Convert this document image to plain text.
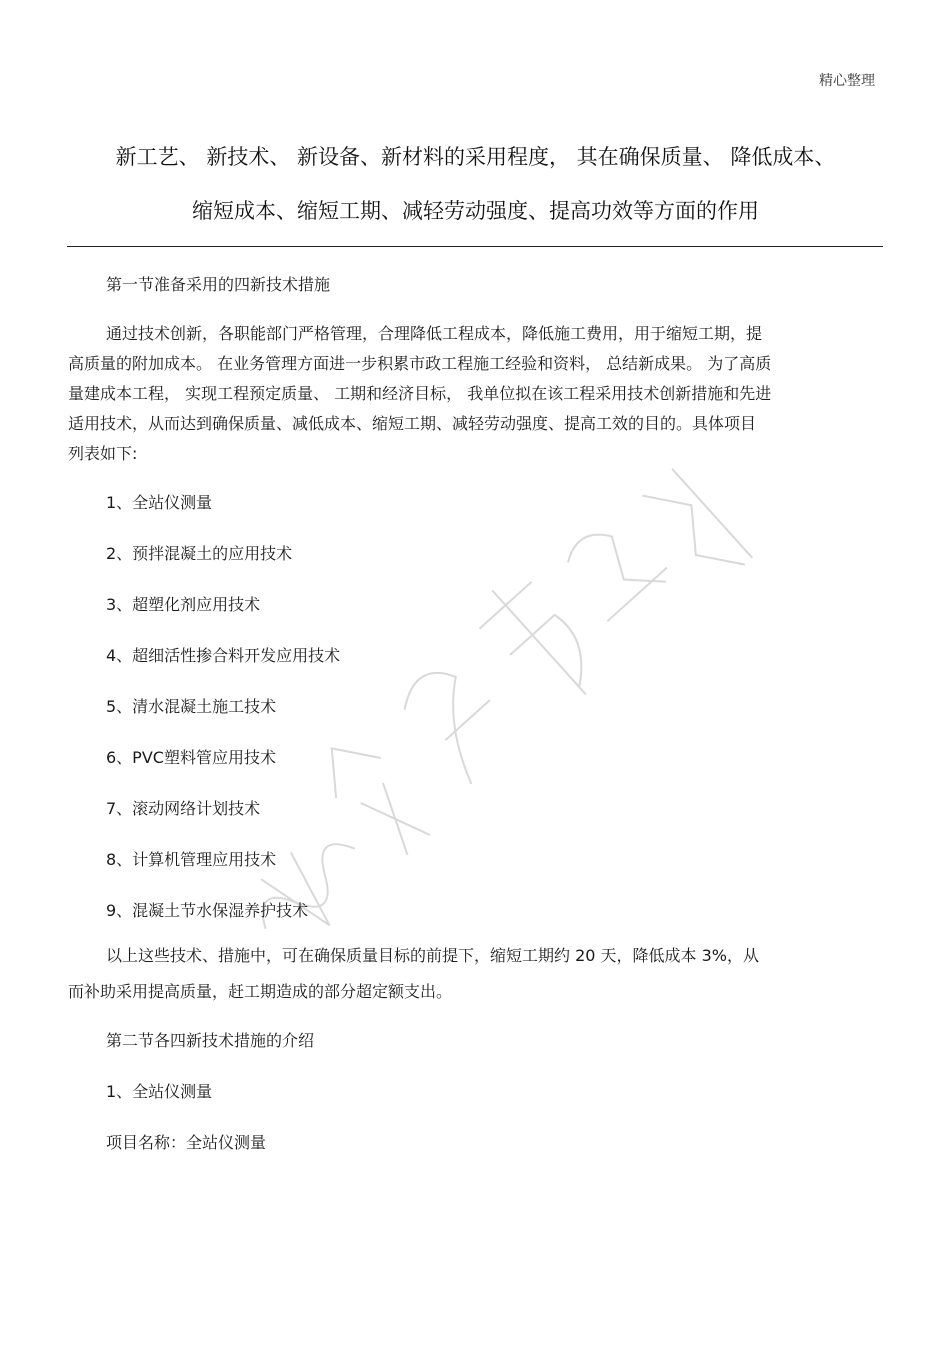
精心整理
新工艺、 新技术、 新设备、新材料的采用程度， 其在确保质量、 降低成本、
缩短成本、缩短工期、减轻劳动强度、提高功效等方面的作用

第一节准备采用的四新技术措施

通过技术创新，各职能部门严格管理，合理降低工程成本，降低施工费用，用于缩短工期，提
高质量的附加成本。 在业务管理方面进一步积累市政工程施工经验和资料， 总结新成果。 为了高质
量建成本工程， 实现工程预定质量、 工期和经济目标， 我单位拟在该工程采用技术创新措施和先进
适用技术，从而达到确保质量、减低成本、缩短工期、减轻劳动强度、提高工效的目的。具体项目
列表如下:

1、全站仪测量

2、预拌混凝土的应用技术

3、超塑化剂应用技术

4、超细活性掺合料开发应用技术

5、清水混凝土施工技术

6、PVC塑料管应用技术

7、滚动网络计划技术

8、计算机管理应用技术

9、混凝土节水保湿养护技术

以上这些技术、措施中，可在确保质量目标的前提下，缩短工期约 20 天，降低成本 3%，从
而补助采用提高质量，赶工期造成的部分超定额支出。

第二节各四新技术措施的介绍

1、全站仪测量

项目名称：全站仪测量
